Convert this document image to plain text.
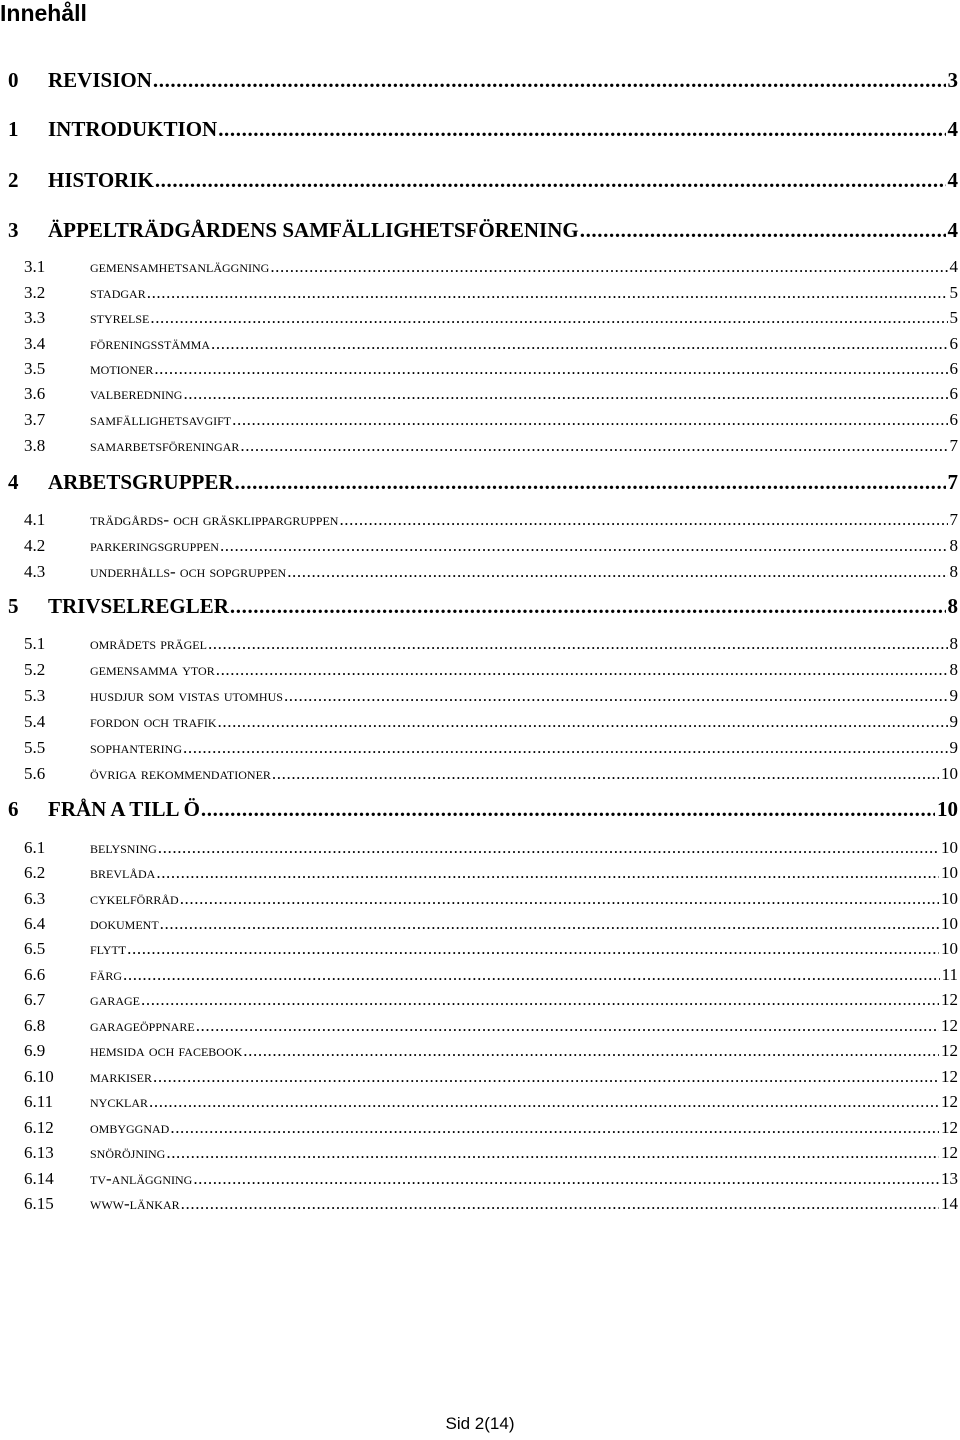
Innehåll
0	REVISION .....	3
1	INTRODUKTION .....	4
2	HISTORIK .....	4
3	ÄPPELTRÄDGÅRDENS SAMFÄLLIGHETSFÖRENING .....	4
3.1	gemensamhetsanläggning .....	4
3.2	stadgar .....	5
3.3	styrelse .....	5
3.4	föreningsstämma .....	6
3.5	motioner .....	6
3.6	valberedning .....	6
3.7	samfällighetsavgift .....	6
3.8	samarbetsföreningar .....	7
4	ARBETSGRUPPER .....	7
4.1	trädgårds- och gräsklippargruppen .....	7
4.2	parkeringsgruppen .....	8
4.3	underhålls- och sopgruppen .....	8
5	TRIVSELREGLER .....	8
5.1	områdets prägel .....	8
5.2	gemensamma ytor .....	8
5.3	husdjur som vistas utomhus .....	9
5.4	fordon och trafik .....	9
5.5	sophantering .....	9
5.6	övriga rekommendationer .....	10
6	FRÅN A TILL Ö .....	10
6.1	belysning .....	10
6.2	brevlåda .....	10
6.3	cykelförråd .....	10
6.4	dokument .....	10
6.5	flytt .....	10
6.6	färg .....	11
6.7	garage .....	12
6.8	garageöppnare .....	12
6.9	hemsida och facebook .....	12
6.10	markiser .....	12
6.11	nycklar .....	12
6.12	ombyggnad .....	12
6.13	snöröjning .....	12
6.14	tv-anläggning .....	13
6.15	www-länkar .....	14
Sid 2(14)
